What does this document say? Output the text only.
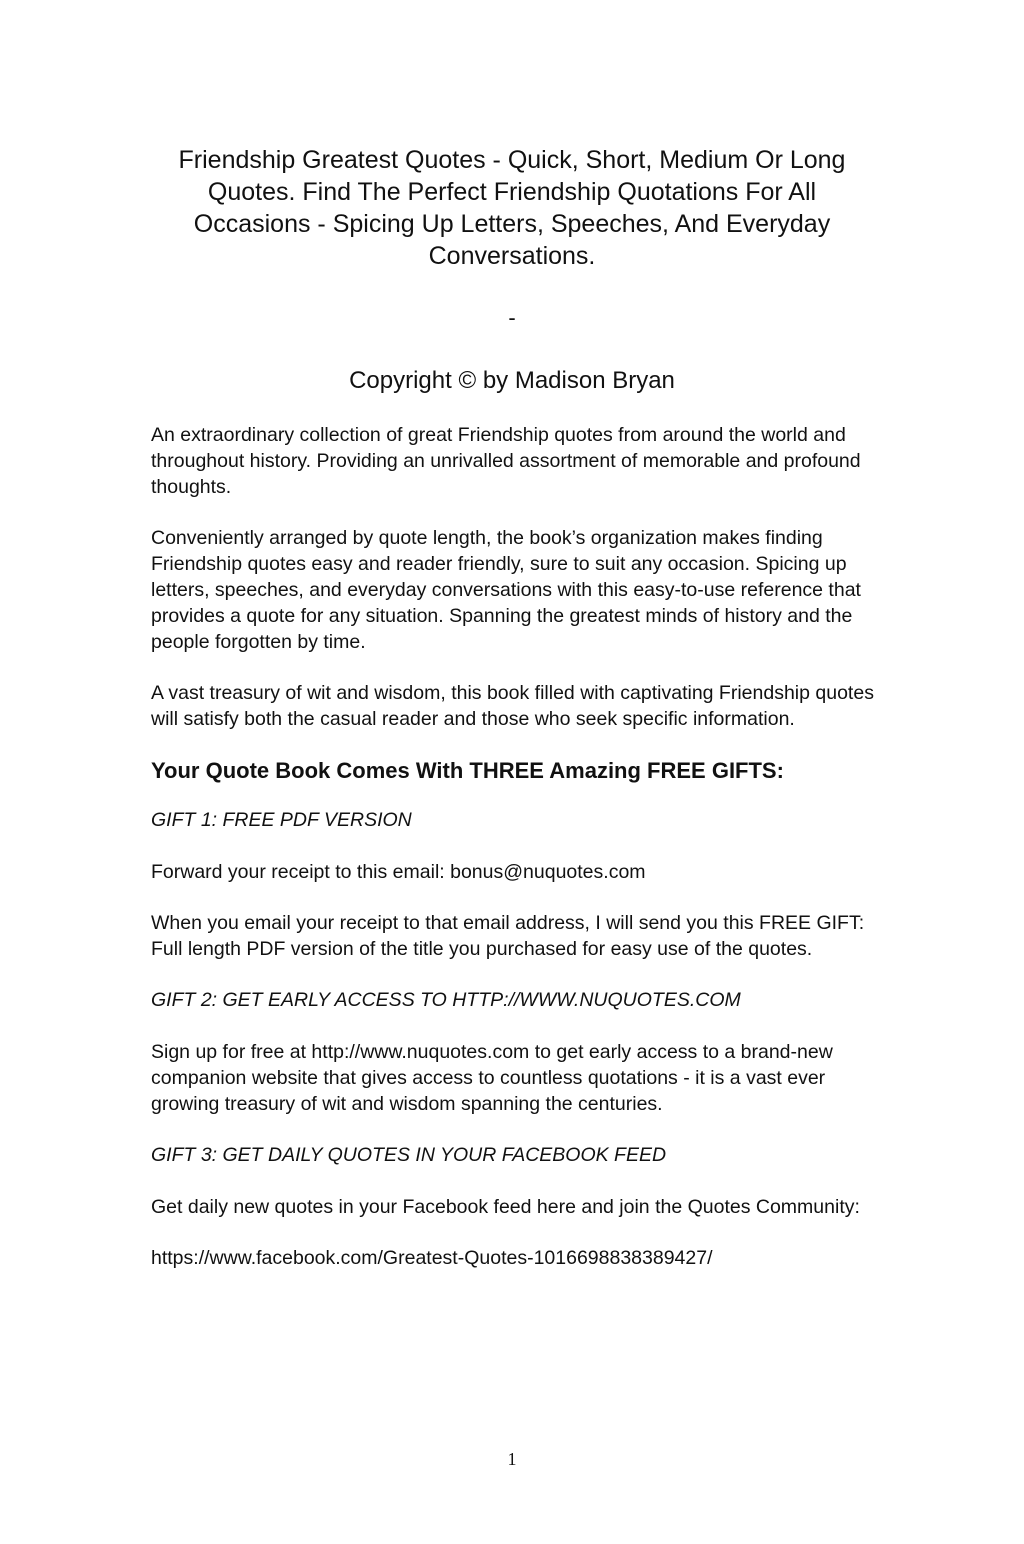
Friendship Greatest Quotes - Quick, Short, Medium Or Long Quotes. Find The Perfect Friendship Quotations For All Occasions - Spicing Up Letters, Speeches, And Everyday Conversations.
-
Copyright © by Madison Bryan

An extraordinary collection of great Friendship quotes from around the world and throughout history. Providing an unrivalled assortment of memorable and profound thoughts.

Conveniently arranged by quote length, the book’s organization makes finding Friendship quotes easy and reader friendly, sure to suit any occasion. Spicing up letters, speeches, and everyday conversations with this easy-to-use reference that provides a quote for any situation. Spanning the greatest minds of history and the people forgotten by time.

A vast treasury of wit and wisdom, this book filled with captivating Friendship quotes will satisfy both the casual reader and those who seek specific information.

Your Quote Book Comes With THREE Amazing FREE GIFTS:

GIFT 1: FREE PDF VERSION

Forward your receipt to this email: bonus@nuquotes.com

When you email your receipt to that email address, I will send you this FREE GIFT: Full length PDF version of the title you purchased for easy use of the quotes.

GIFT 2: GET EARLY ACCESS TO HTTP://WWW.NUQUOTES.COM

Sign up for free at http://www.nuquotes.com to get early access to a brand-new companion website that gives access to countless quotations - it is a vast ever growing treasury of wit and wisdom spanning the centuries.

GIFT 3: GET DAILY QUOTES IN YOUR FACEBOOK FEED

Get daily new quotes in your Facebook feed here and join the Quotes Community:

https://www.facebook.com/Greatest-Quotes-1016698838389427/

1
